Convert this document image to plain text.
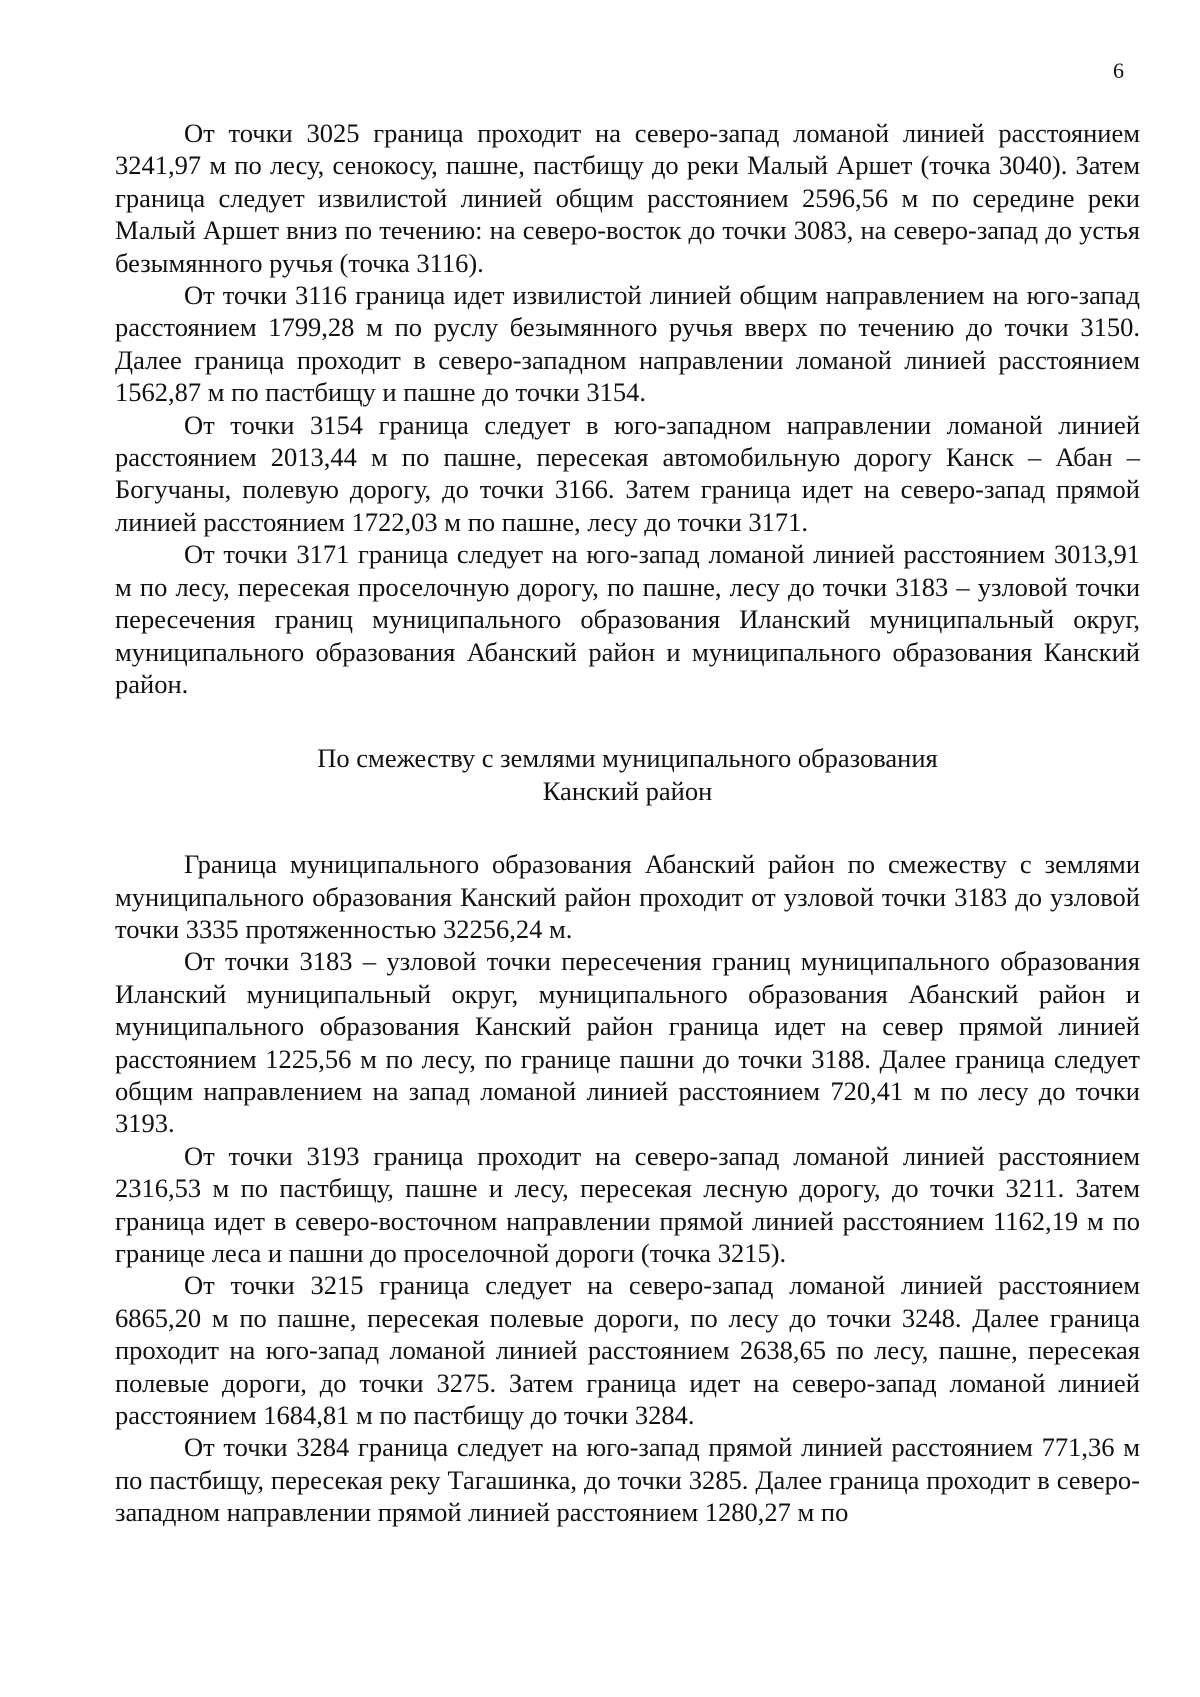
6

От точки 3025 граница проходит на северо-запад ломаной линией расстоянием 3241,97 м по лесу, сенокосу, пашне, пастбищу до реки Малый Аршет (точка 3040). Затем граница следует извилистой линией общим расстоянием 2596,56 м по середине реки Малый Аршет вниз по течению: на северо-восток до точки 3083, на северо-запад до устья безымянного ручья (точка 3116).

От точки 3116 граница идет извилистой линией общим направлением на юго-запад расстоянием 1799,28 м по руслу безымянного ручья вверх по течению до точки 3150. Далее граница проходит в северо-западном направлении ломаной линией расстоянием 1562,87 м по пастбищу и пашне до точки 3154.

От точки 3154 граница следует в юго-западном направлении ломаной линией расстоянием 2013,44 м по пашне, пересекая автомобильную дорогу Канск – Абан – Богучаны, полевую дорогу, до точки 3166. Затем граница идет на северо-запад прямой линией расстоянием 1722,03 м по пашне, лесу до точки 3171.

От точки 3171 граница следует на юго-запад ломаной линией расстоянием 3013,91 м по лесу, пересекая проселочную дорогу, по пашне, лесу до точки 3183 – узловой точки пересечения границ муниципального образования Иланский муниципальный округ, муниципального образования Абанский район и муниципального образования Канский район.

По смежеству с землями муниципального образования
Канский район

Граница муниципального образования Абанский район по смежеству с землями муниципального образования Канский район проходит от узловой точки 3183 до узловой точки 3335 протяженностью 32256,24 м.

От точки 3183 – узловой точки пересечения границ муниципального образования Иланский муниципальный округ, муниципального образования Абанский район и муниципального образования Канский район граница идет на север прямой линией расстоянием 1225,56 м по лесу, по границе пашни до точки 3188. Далее граница следует общим направлением на запад ломаной линией расстоянием 720,41 м по лесу до точки 3193.

От точки 3193 граница проходит на северо-запад ломаной линией расстоянием 2316,53 м по пастбищу, пашне и лесу, пересекая лесную дорогу, до точки 3211. Затем граница идет в северо-восточном направлении прямой линией расстоянием 1162,19 м по границе леса и пашни до проселочной дороги (точка 3215).

От точки 3215 граница следует на северо-запад ломаной линией расстоянием 6865,20 м по пашне, пересекая полевые дороги, по лесу до точки 3248. Далее граница проходит на юго-запад ломаной линией расстоянием 2638,65 по лесу, пашне, пересекая полевые дороги, до точки 3275. Затем граница идет на северо-запад ломаной линией расстоянием 1684,81 м по пастбищу до точки 3284.

От точки 3284 граница следует на юго-запад прямой линией расстоянием 771,36 м по пастбищу, пересекая реку Тагашинка, до точки 3285. Далее граница проходит в северо-западном направлении прямой линией расстоянием 1280,27 м по
